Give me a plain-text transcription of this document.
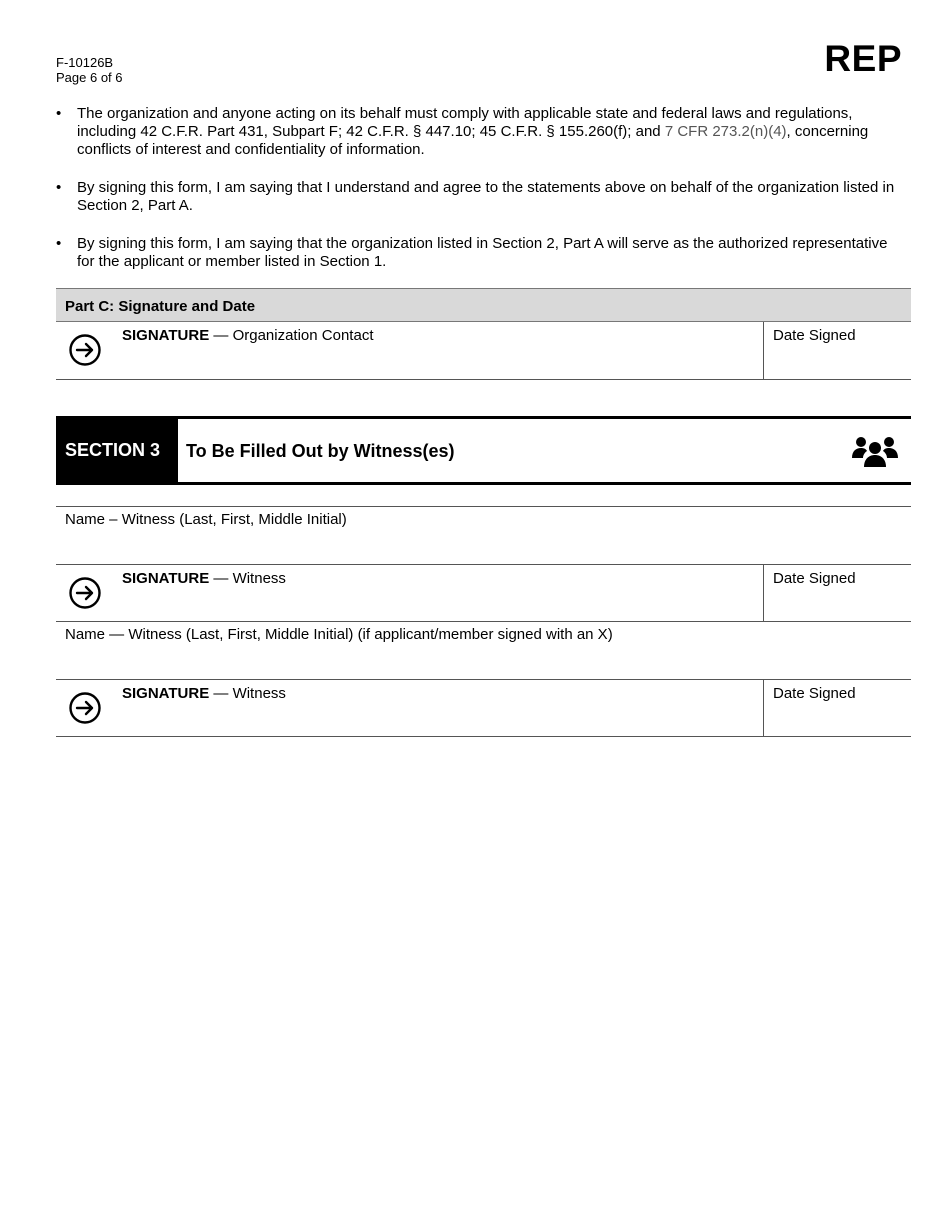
F-10126B
Page 6 of 6	REP
• The organization and anyone acting on its behalf must comply with applicable state and federal laws and regulations, including 42 C.F.R. Part 431, Subpart F; 42 C.F.R. § 447.10; 45 C.F.R. § 155.260(f); and 7 CFR 273.2(n)(4), concerning conflicts of interest and confidentiality of information.
• By signing this form, I am saying that I understand and agree to the statements above on behalf of the organization listed in Section 2, Part A.
• By signing this form, I am saying that the organization listed in Section 2, Part A will serve as the authorized representative for the applicant or member listed in Section 1.
Part C: Signature and Date
SIGNATURE — Organization Contact	Date Signed
SECTION 3	To Be Filled Out by Witness(es)
Name – Witness (Last, First, Middle Initial)
SIGNATURE — Witness	Date Signed
Name — Witness (Last, First, Middle Initial) (if applicant/member signed with an X)
SIGNATURE — Witness	Date Signed
